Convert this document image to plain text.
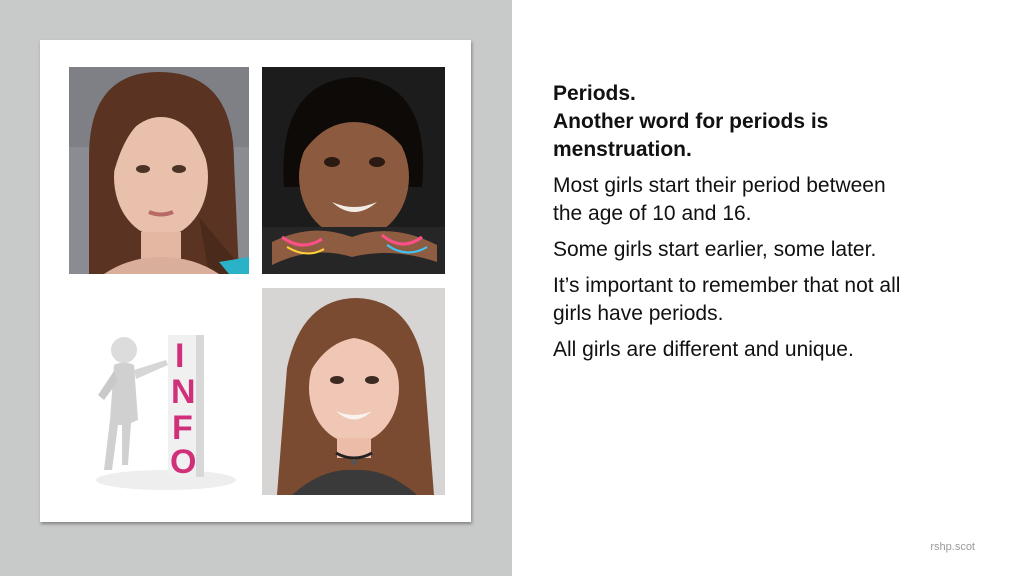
I
N
F
O
Periods.
Another word for periods is
menstruation.
Most girls start their period between
the age of 10 and 16.
Some girls start earlier, some later.
It’s important to remember that not all
girls have periods.
All girls are different and unique.
rshp.scot
